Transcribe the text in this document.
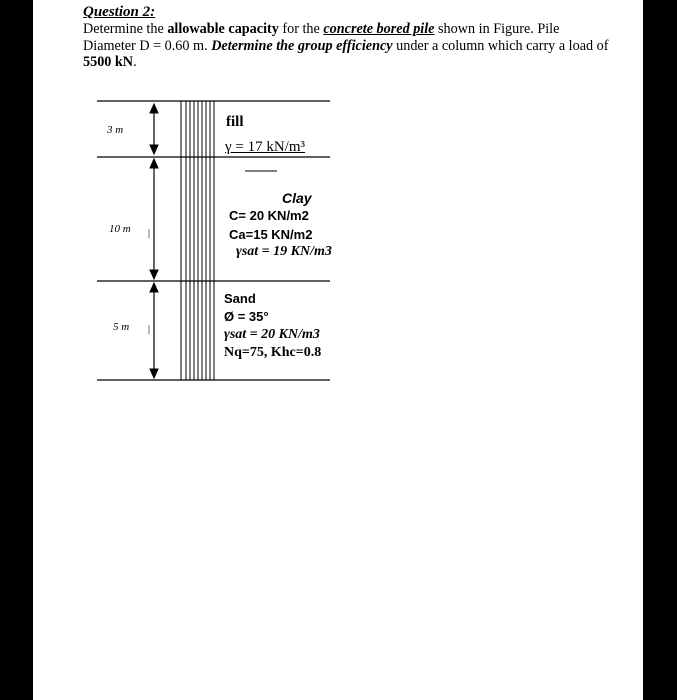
Question 2:
Determine the allowable capacity for the concrete bored pile shown in Figure. Pile Diameter D = 0.60 m. Determine the group efficiency under a column which carry a load of 5500 kN.
3 m
10 m
5 m
fill
γ = 17 kN/m³
Clay
C= 20 KN/m2
Ca=15 KN/m2
γsat = 19 KN/m3
Sand
Ø = 35°
γsat = 20 KN/m3
Nq=75, Khc=0.8
